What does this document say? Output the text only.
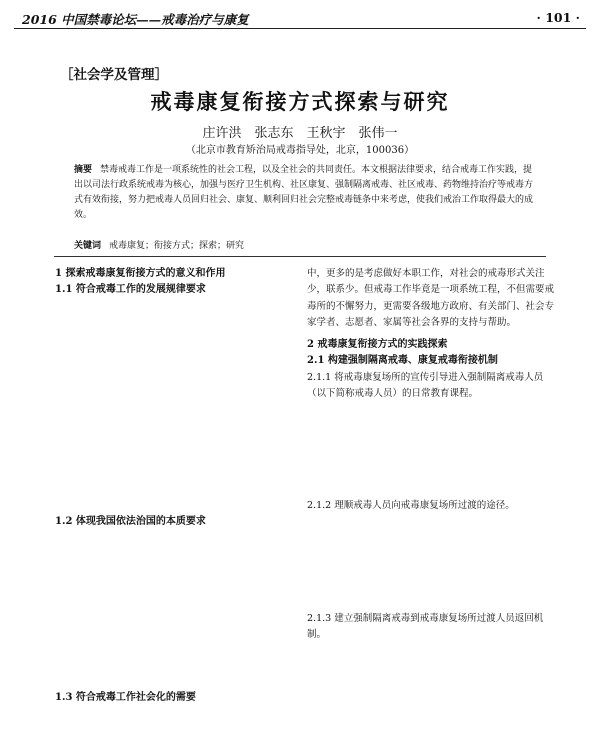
2016 中国禁毒论坛——戒毒治疗与康复	· 101 ·
［社会学及管理］
戒毒康复衔接方式探索与研究
庄许洪　张志东　王秋宇　张伟一
（北京市教育矫治局戒毒指导处，北京，100036）
摘要 禁毒戒毒工作是一项系统性的社会工程，以及全社会的共同责任。本文根据法律要求，结合戒毒工作实践，提出以司法行政系统戒毒为核心，加强与医疗卫生机构、社区康复、强制隔离戒毒、社区戒毒、药物维持治疗等戒毒方式有效衔接，努力把戒毒人员回归社会、康复、顺利回归社会完整戒毒链条中来考虑，使我们戒治工作取得最大的成效。
关键词 戒毒康复；衔接方式；探索；研究
1 探索戒毒康复衔接方式的意义和作用
1.1 符合戒毒工作的发展规律要求
1.2 体现我国依法治国的本质要求
1.3 符合戒毒工作社会化的需要
中，更多的是考虑做好本职工作，对社会的戒毒形式关注少，联系少。但戒毒工作毕竟是一项系统工程，不但需要戒毒所的不懈努力，更需要各级地方政府、有关部门、社会专家学者、志愿者、家属等社会各界的支持与帮助。
2 戒毒康复衔接方式的实践探索
2.1 构建强制隔离戒毒、康复戒毒衔接机制
2.1.1 将戒毒康复场所的宣传引导进入强制隔离戒毒人员（以下简称戒毒人员）的日常教育课程。
2.1.2 理顺戒毒人员向戒毒康复场所过渡的途径。
2.1.3 建立强制隔离戒毒到戒毒康复场所过渡人员返回机制。
